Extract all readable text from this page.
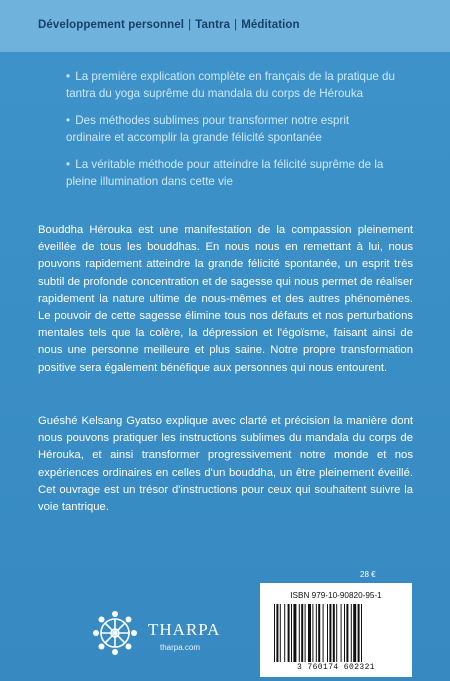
Développement personnel | Tantra | Méditation
• La première explication complète en français de la pratique du tantra du yoga suprême du mandala du corps de Hérouka
• Des méthodes sublimes pour transformer notre esprit ordinaire et accomplir la grande félicité spontanée
• La véritable méthode pour atteindre la félicité suprême de la pleine illumination dans cette vie
Bouddha Hérouka est une manifestation de la compassion pleinement éveillée de tous les bouddhas. En nous nous en remettant à lui, nous pouvons rapidement atteindre la grande félicité spontanée, un esprit très subtil de profonde concentration et de sagesse qui nous permet de réaliser rapidement la nature ultime de nous-mêmes et des autres phénomènes. Le pouvoir de cette sagesse élimine tous nos défauts et nos perturbations mentales tels que la colère, la dépression et l'égoïsme, faisant ainsi de nous une personne meilleure et plus saine. Notre propre transformation positive sera également bénéfique aux personnes qui nous entourent.
Guéshé Kelsang Gyatso explique avec clarté et précision la manière dont nous pouvons pratiquer les instructions sublimes du mandala du corps de Hérouka, et ainsi transformer progressivement notre monde et nos expériences ordinaires en celles d'un bouddha, un être pleinement éveillé. Cet ouvrage est un trésor d'instructions pour ceux qui souhaitent suivre la voie tantrique.
28 €
THARPA
tharpa.com
ISBN 979-10-90820-95-1
3 760174 602321
